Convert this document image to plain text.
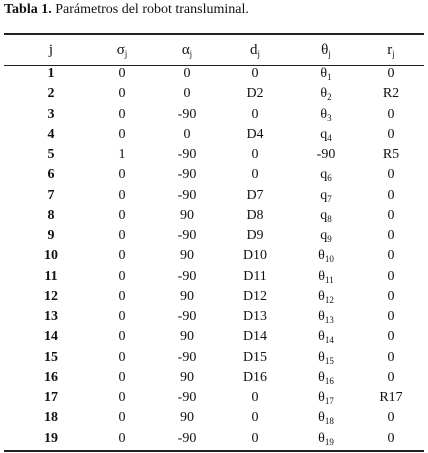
Tabla 1. Parámetros del robot transluminal.
j	$\sigma_j$	$\alpha_j$	$d_j$	$\theta_j$	$r_j$
1	0	0	0	$\theta_1$	0
2	0	0	D2	$\theta_2$	R2
3	0	-90	0	$\theta_3$	0
4	0	0	D4	$q_4$	0
5	1	-90	0	-90	R5
6	0	-90	0	$q_6$	0
7	0	-90	D7	$q_7$	0
8	0	90	D8	$q_8$	0
9	0	-90	D9	$q_9$	0
10	0	90	D10	$\theta_{10}$	0
11	0	-90	D11	$\theta_{11}$	0
12	0	90	D12	$\theta_{12}$	0
13	0	-90	D13	$\theta_{13}$	0
14	0	90	D14	$\theta_{14}$	0
15	0	-90	D15	$\theta_{15}$	0
16	0	90	D16	$\theta_{16}$	0
17	0	-90	0	$\theta_{17}$	R17
18	0	90	0	$\theta_{18}$	0
19	0	-90	0	$\theta_{19}$	0
